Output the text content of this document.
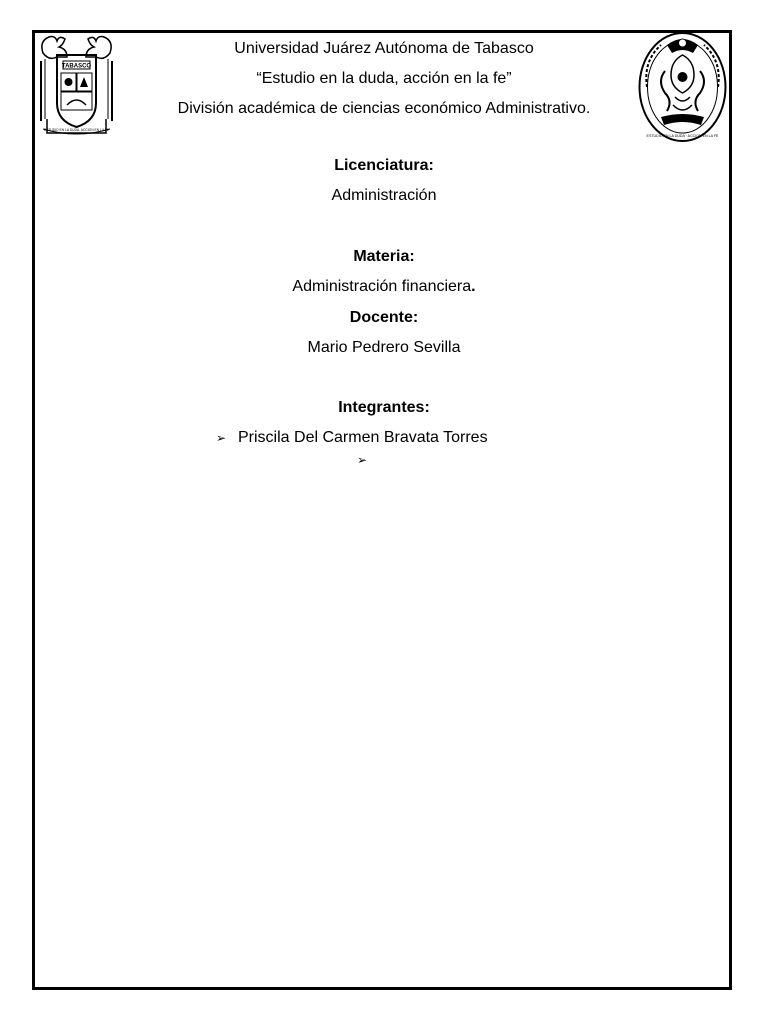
TABASCO
ESTUDIO EN LA DUDA. ACCION EN LA FE
ESTUDIO EN LA DUDA · ACCION EN LA FE
Universidad Juárez Autónoma de Tabasco
“Estudio en la duda, acción en la fe”
División académica de ciencias económico Administrativo.
Licenciatura:
Administración
Materia:
Administración financiera.
Docente:
Mario Pedrero Sevilla
Integrantes:
➢ Priscila Del Carmen Bravata Torres
➢
